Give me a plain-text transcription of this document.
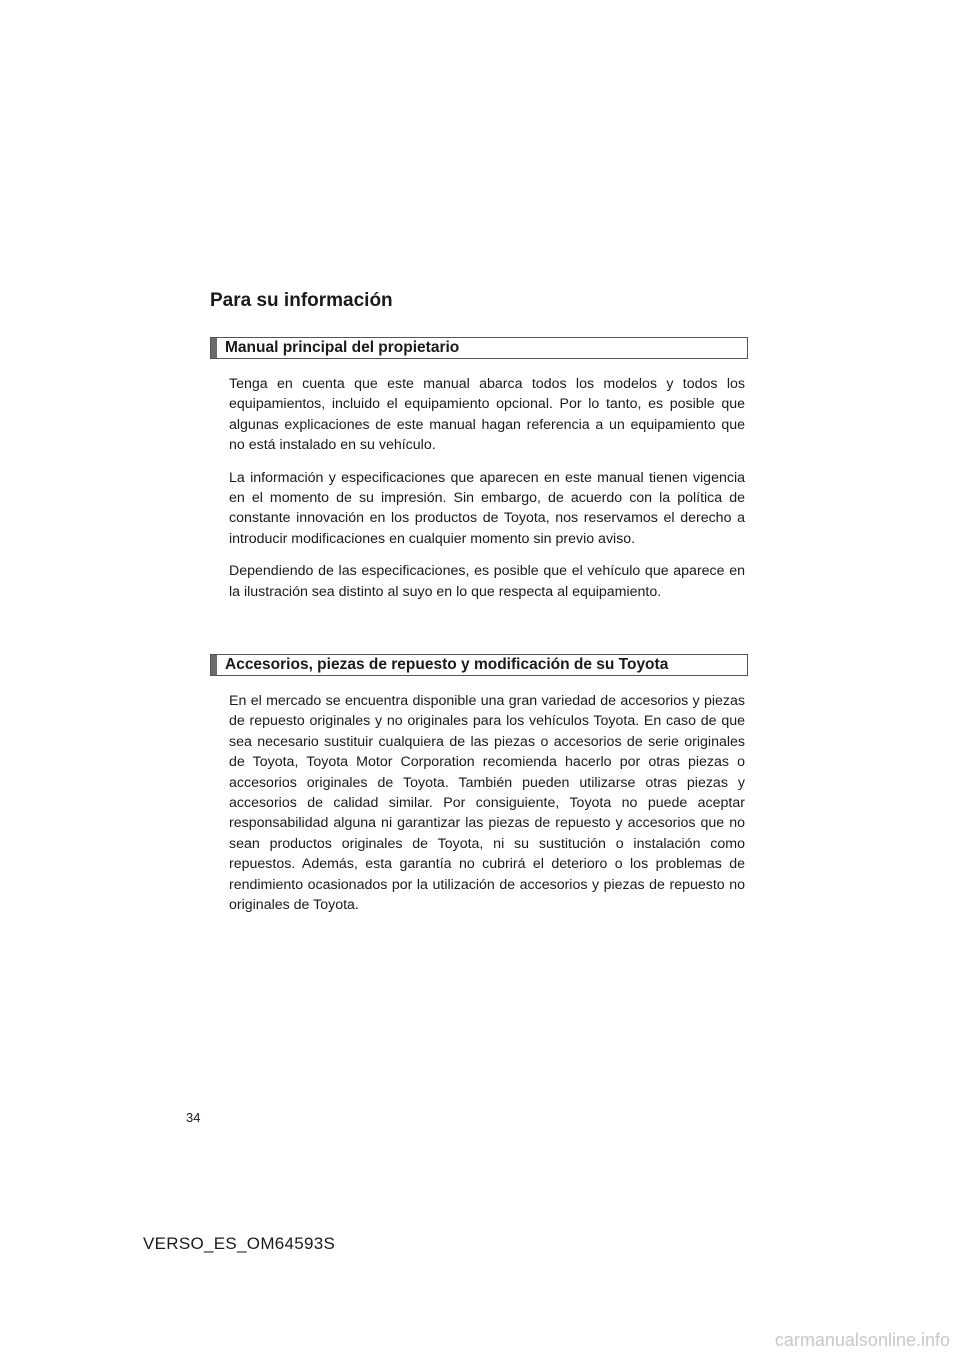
Para su información
Manual principal del propietario

Tenga en cuenta que este manual abarca todos los modelos y todos los equipamientos, incluido el equipamiento opcional. Por lo tanto, es posible que algunas explicaciones de este manual hagan referencia a un equipamiento que no está instalado en su vehículo.

La información y especificaciones que aparecen en este manual tienen vigencia en el momento de su impresión. Sin embargo, de acuerdo con la política de constante innovación en los productos de Toyota, nos reservamos el derecho a introducir modificaciones en cualquier momento sin previo aviso.

Dependiendo de las especificaciones, es posible que el vehículo que aparece en la ilustración sea distinto al suyo en lo que respecta al equipamiento.

Accesorios, piezas de repuesto y modificación de su Toyota

En el mercado se encuentra disponible una gran variedad de accesorios y piezas de repuesto originales y no originales para los vehículos Toyota. En caso de que sea necesario sustituir cualquiera de las piezas o accesorios de serie originales de Toyota, Toyota Motor Corporation recomienda hacerlo por otras piezas o accesorios originales de Toyota. También pueden utilizarse otras piezas y accesorios de calidad similar. Por consiguiente, Toyota no puede aceptar responsabilidad alguna ni garantizar las piezas de repuesto y accesorios que no sean productos originales de Toyota, ni su sustitución o instalación como repuestos. Además, esta garantía no cubrirá el deterioro o los problemas de rendimiento ocasionados por la utilización de accesorios y piezas de repuesto no originales de Toyota.

34
VERSO_ES_OM64593S
carmanualsonline.info
